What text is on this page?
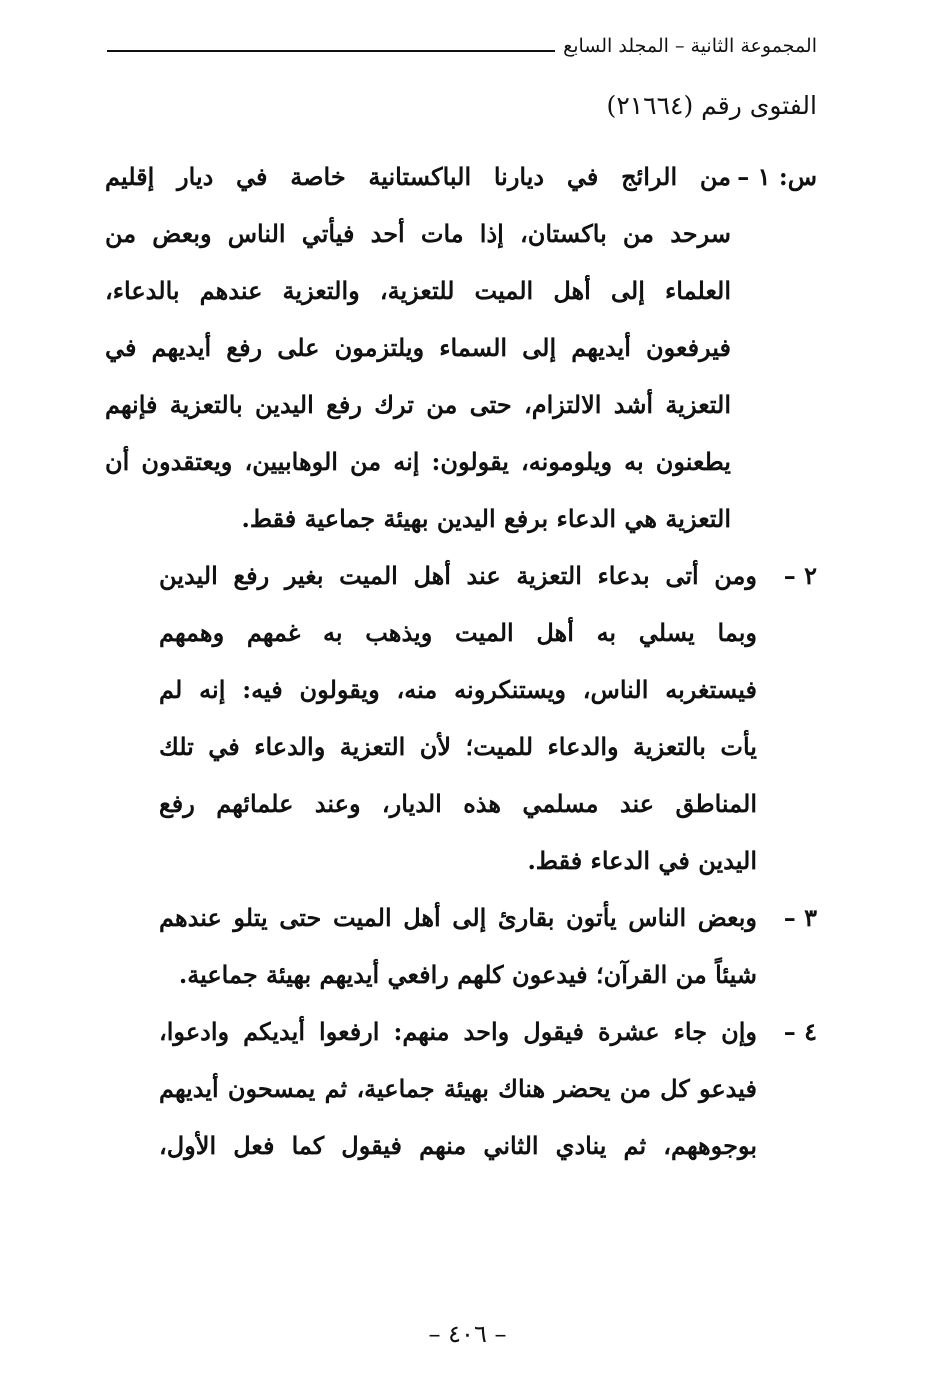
المجموعة الثانية – المجلد السابع
الفتوى رقم (٢١٦٦٤)
س: ١ –
من الرائج في ديارنا الباكستانية خاصة في ديار إقليم
سرحد من باكستان، إذا مات أحد فيأتي الناس وبعض من
العلماء إلى أهل الميت للتعزية، والتعزية عندهم بالدعاء،
فيرفعون أيديهم إلى السماء ويلتزمون على رفع أيديهم في
التعزية أشد الالتزام، حتى من ترك رفع اليدين بالتعزية فإنهم
يطعنون به ويلومونه، يقولون: إنه من الوهابيين، ويعتقدون أن
التعزية هي الدعاء برفع اليدين بهيئة جماعية فقط.
٢ –
ومن أتى بدعاء التعزية عند أهل الميت بغير رفع اليدين
وبما يسلي به أهل الميت ويذهب به غمهم وهمهم
فيستغربه الناس، ويستنكرونه منه، ويقولون فيه: إنه لم
يأت بالتعزية والدعاء للميت؛ لأن التعزية والدعاء في تلك
المناطق عند مسلمي هذه الديار، وعند علمائهم رفع
اليدين في الدعاء فقط.
٣ –
وبعض الناس يأتون بقارئ إلى أهل الميت حتى يتلو عندهم
شيئاً من القرآن؛ فيدعون كلهم رافعي أيديهم بهيئة جماعية.
٤ –
وإن جاء عشرة فيقول واحد منهم: ارفعوا أيديكم وادعوا،
فيدعو كل من يحضر هناك بهيئة جماعية، ثم يمسحون أيديهم
بوجوههم، ثم ينادي الثاني منهم فيقول كما فعل الأول،
– ٤٠٦ –
